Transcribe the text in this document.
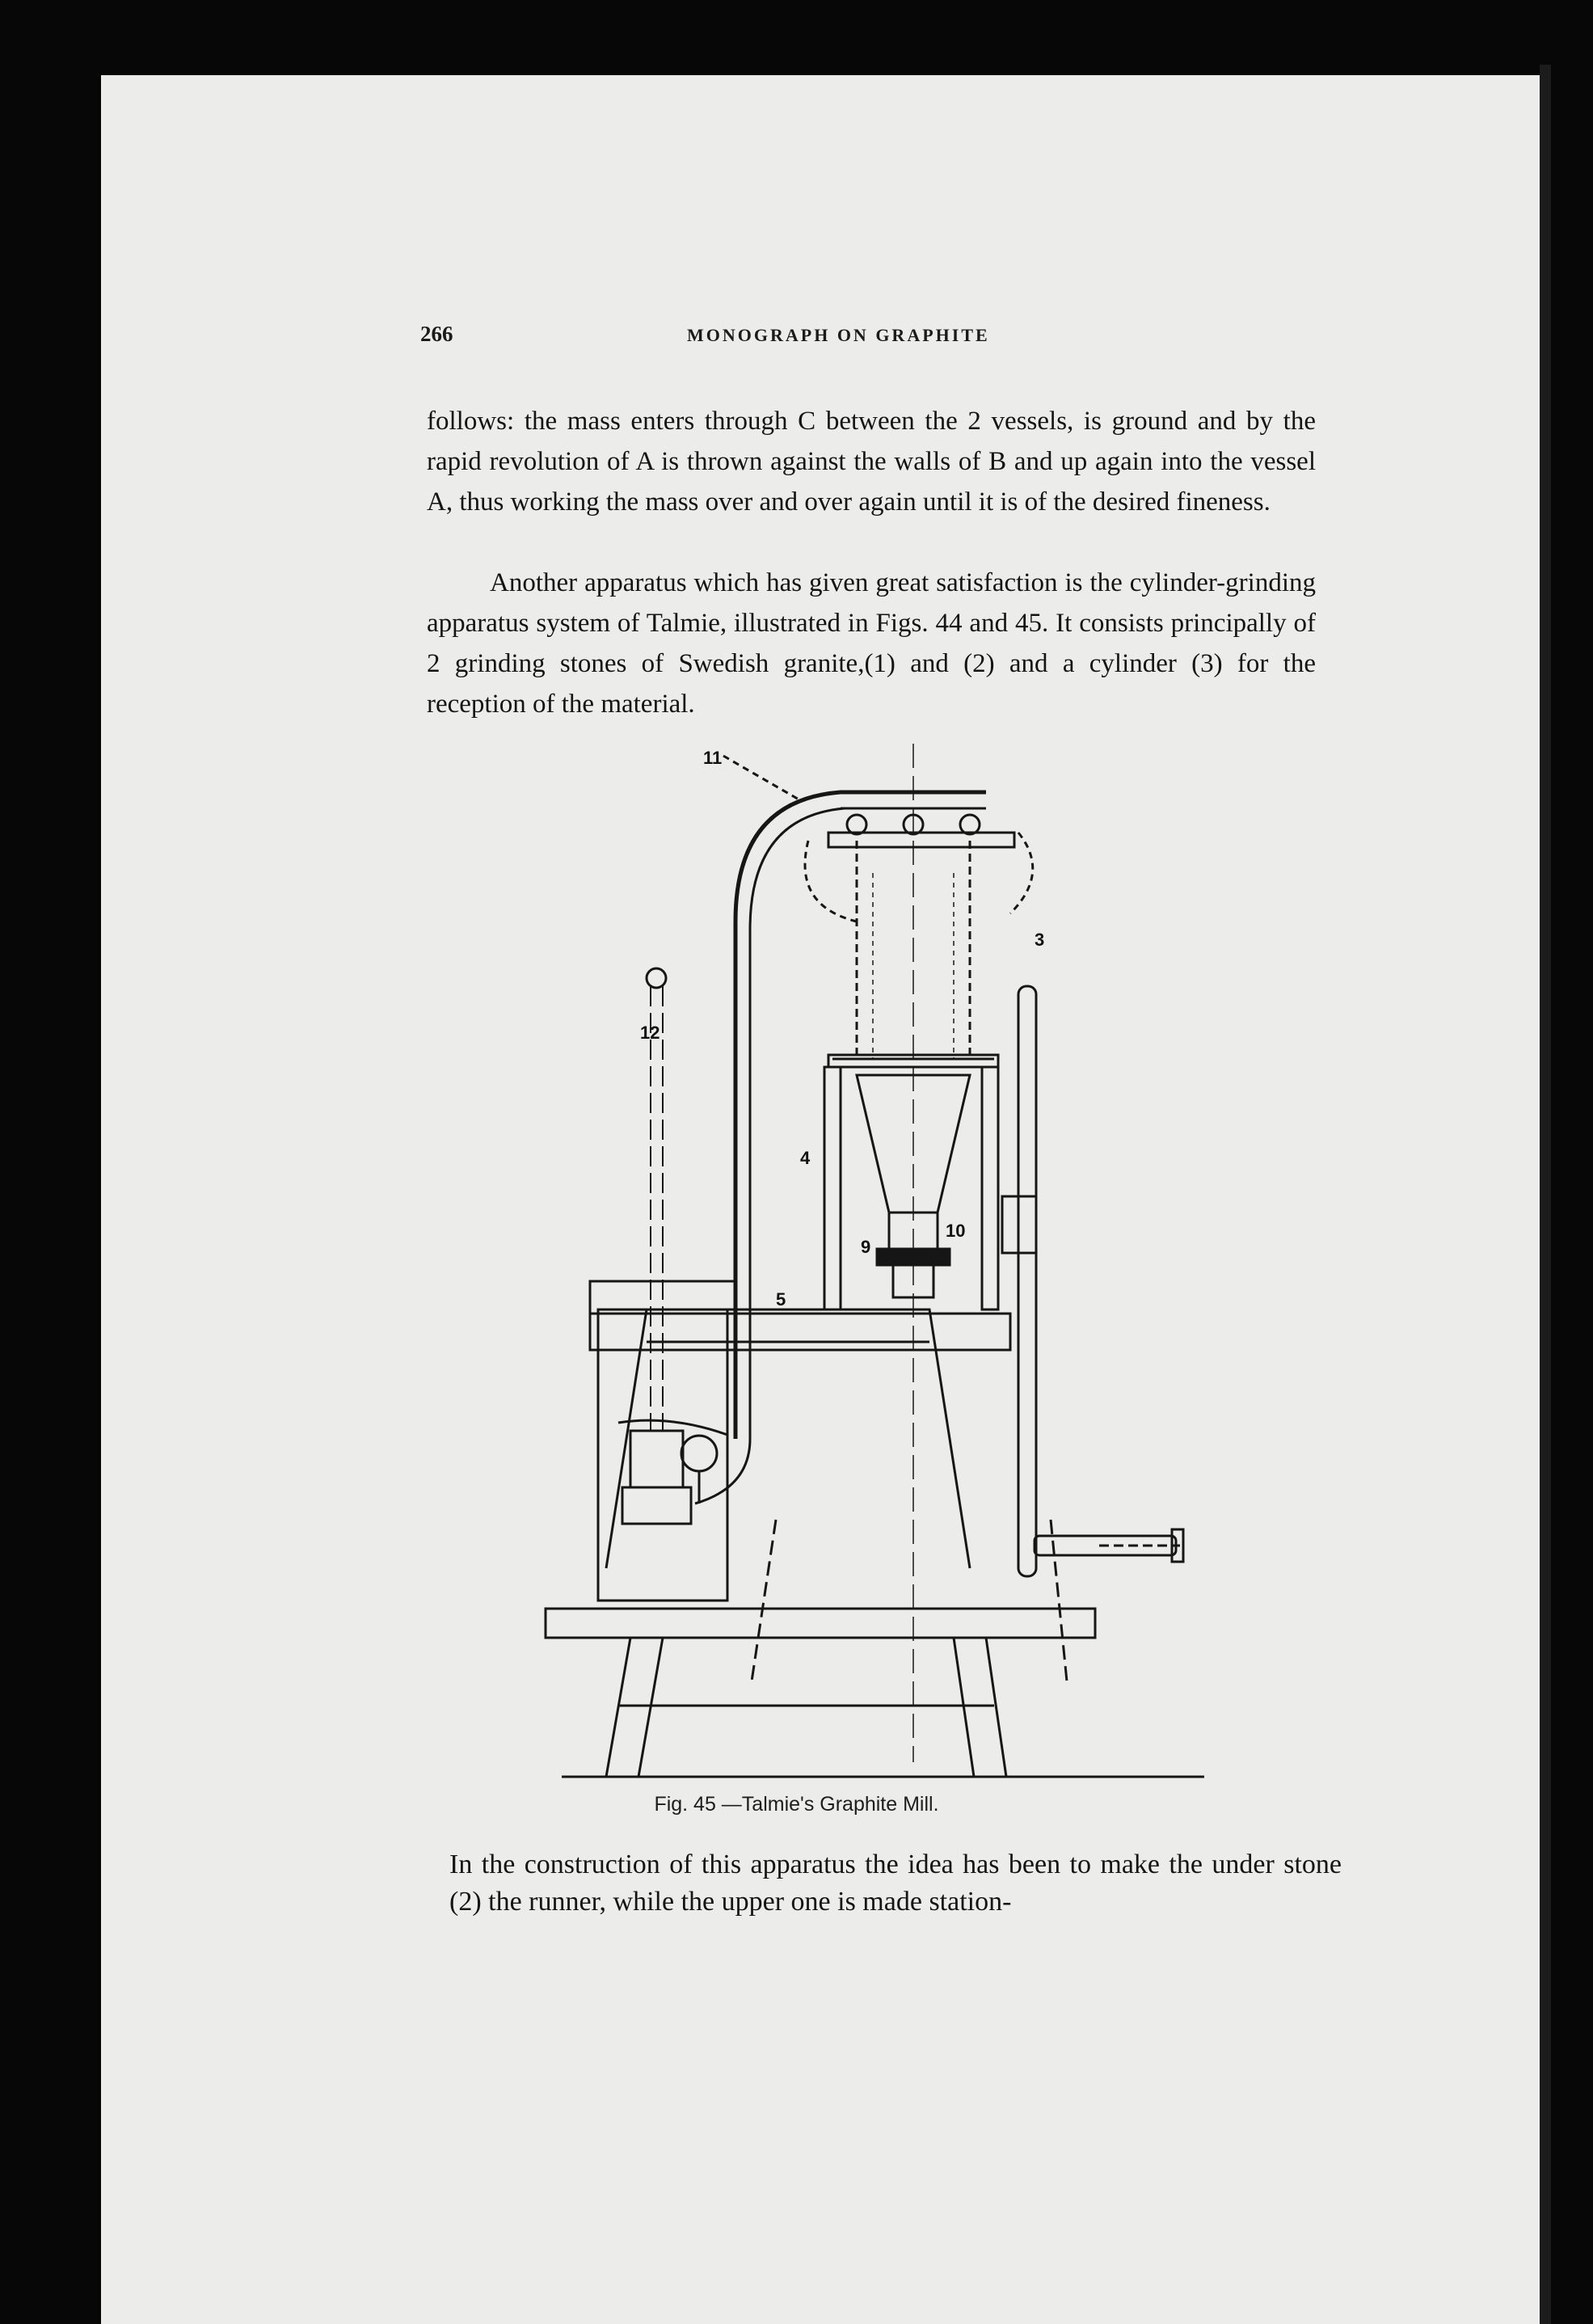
266	MONOGRAPH ON GRAPHITE

follows: the mass enters through C between the 2 vessels, is ground and by the rapid revolution of A is thrown against the walls of B and up again into the vessel A, thus working the mass over and over again until it is of the desired fineness.

Another apparatus which has given great satisfaction is the cylinder-grinding apparatus system of Talmie, illustrated in Figs. 44 and 45. It consists principally of 2 grinding stones of Swedish granite,(1) and (2) and a cylinder (3) for the reception of the material.

11
3
12
4
9
10
5
Fig. 45 —Talmie's Graphite Mill.

In the construction of this apparatus the idea has been to make the under stone (2) the runner, while the upper one is made station-
